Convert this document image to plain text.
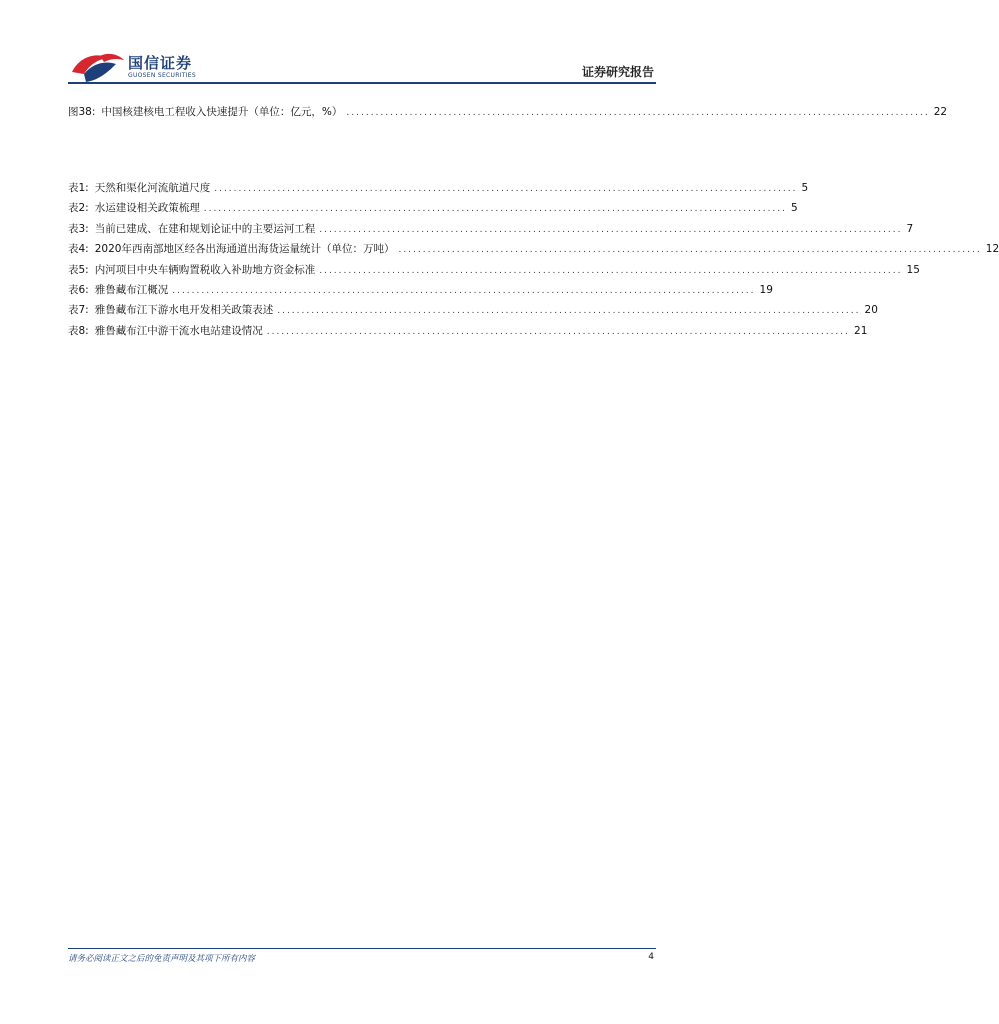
国信证券
GUOSEN SECURITIES	证券研究报告
图38: 中国核建核电工程收入快速提升（单位：亿元，%） ........................................................................................................................ 22
表1: 天然和渠化河流航道尺度 ........................................................................................................................ 5
表2: 水运建设相关政策梳理 ........................................................................................................................ 5
表3: 当前已建成、在建和规划论证中的主要运河工程 ........................................................................................................................ 7
表4: 2020年西南部地区经各出海通道出海货运量统计（单位：万吨） ........................................................................................................................ 12
表5: 内河项目中央车辆购置税收入补助地方资金标准 ........................................................................................................................ 15
表6: 雅鲁藏布江概况 ........................................................................................................................ 19
表7: 雅鲁藏布江下游水电开发相关政策表述 ........................................................................................................................ 20
表8: 雅鲁藏布江中游干流水电站建设情况 ........................................................................................................................ 21
请务必阅读正文之后的免责声明及其项下所有内容	4
